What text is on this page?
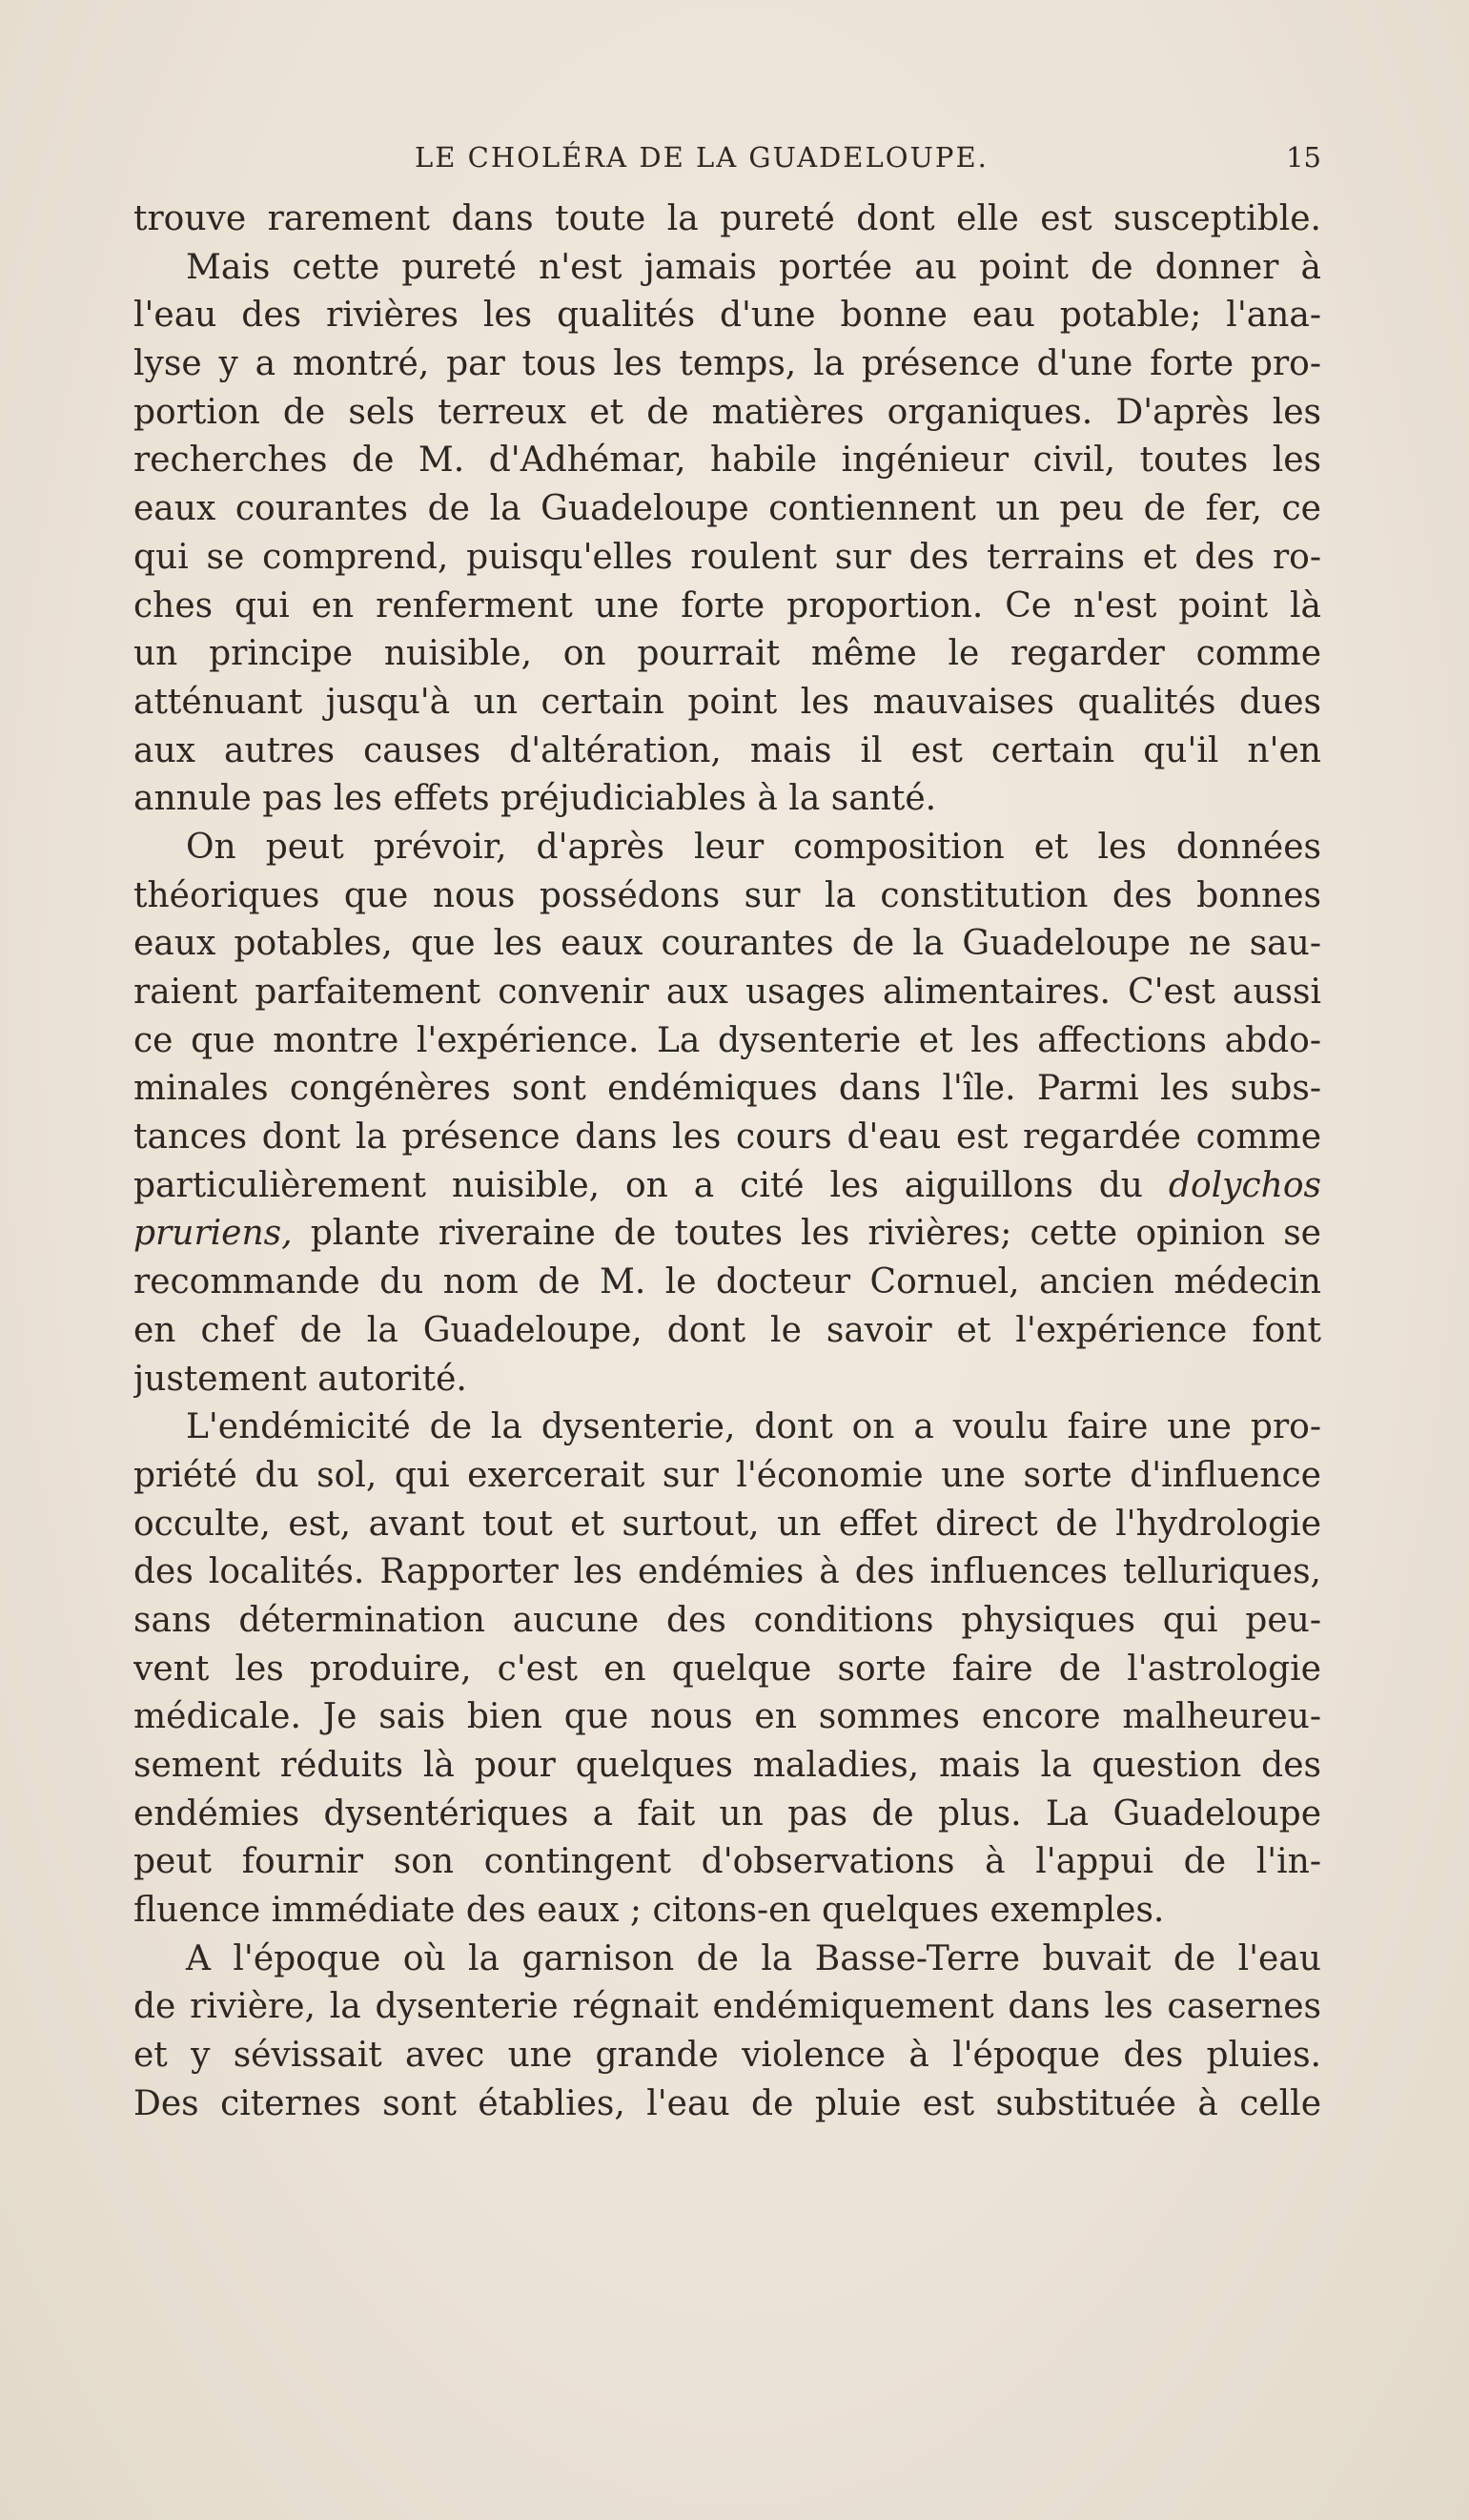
LE CHOLÉRA DE LA GUADELOUPE.	15
trouve rarement dans toute la pureté dont elle est susceptible.
Mais cette pureté n'est jamais portée au point de donner à
l'eau des rivières les qualités d'une bonne eau potable; l'ana-
lyse y a montré, par tous les temps, la présence d'une forte pro-
portion de sels terreux et de matières organiques. D'après les
recherches de M. d'Adhémar, habile ingénieur civil, toutes les
eaux courantes de la Guadeloupe contiennent un peu de fer, ce
qui se comprend, puisqu'elles roulent sur des terrains et des ro-
ches qui en renferment une forte proportion. Ce n'est point là
un principe nuisible, on pourrait même le regarder comme
atténuant jusqu'à un certain point les mauvaises qualités dues
aux autres causes d'altération, mais il est certain qu'il n'en
annule pas les effets préjudiciables à la santé.
On peut prévoir, d'après leur composition et les données
théoriques que nous possédons sur la constitution des bonnes
eaux potables, que les eaux courantes de la Guadeloupe ne sau-
raient parfaitement convenir aux usages alimentaires. C'est aussi
ce que montre l'expérience. La dysenterie et les affections abdo-
minales congénères sont endémiques dans l'île. Parmi les subs-
tances dont la présence dans les cours d'eau est regardée comme
particulièrement nuisible, on a cité les aiguillons du dolychos
pruriens, plante riveraine de toutes les rivières; cette opinion se
recommande du nom de M. le docteur Cornuel, ancien médecin
en chef de la Guadeloupe, dont le savoir et l'expérience font
justement autorité.
L'endémicité de la dysenterie, dont on a voulu faire une pro-
priété du sol, qui exercerait sur l'économie une sorte d'influence
occulte, est, avant tout et surtout, un effet direct de l'hydrologie
des localités. Rapporter les endémies à des influences telluriques,
sans détermination aucune des conditions physiques qui peu-
vent les produire, c'est en quelque sorte faire de l'astrologie
médicale. Je sais bien que nous en sommes encore malheureu-
sement réduits là pour quelques maladies, mais la question des
endémies dysentériques a fait un pas de plus. La Guadeloupe
peut fournir son contingent d'observations à l'appui de l'in-
fluence immédiate des eaux ; citons-en quelques exemples.
A l'époque où la garnison de la Basse-Terre buvait de l'eau
de rivière, la dysenterie régnait endémiquement dans les casernes
et y sévissait avec une grande violence à l'époque des pluies.
Des citernes sont établies, l'eau de pluie est substituée à celle
